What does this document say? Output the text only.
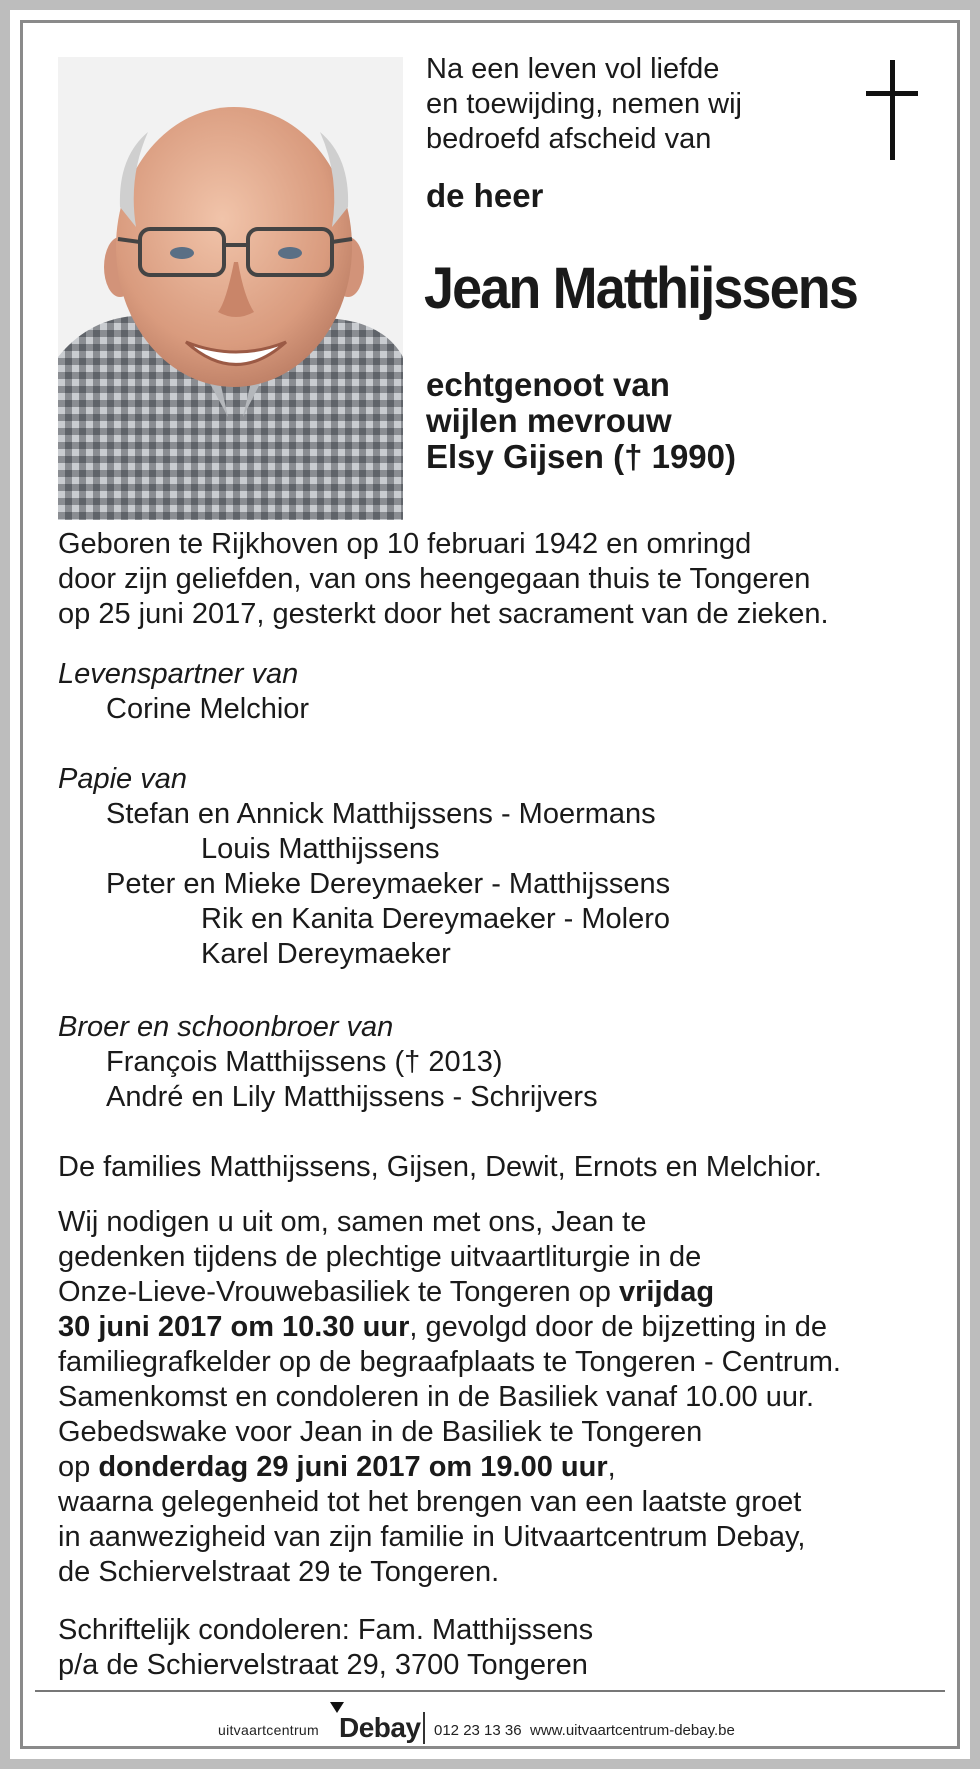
Na een leven vol liefde
en toewijding, nemen wij
bedroefd afscheid van
de heer
Jean Matthijssens
echtgenoot van
wijlen mevrouw
Elsy Gijsen († 1990)
Geboren te Rijkhoven op 10 februari 1942 en omringd
door zijn geliefden, van ons heengegaan thuis te Tongeren
op 25 juni 2017, gesterkt door het sacrament van de zieken.
Levenspartner van
Corine Melchior
Papie van
Stefan en Annick Matthijssens - Moermans
Louis Matthijssens
Peter en Mieke Dereymaeker - Matthijssens
Rik en Kanita Dereymaeker - Molero
Karel Dereymaeker
Broer en schoonbroer van
François Matthijssens († 2013)
André en Lily Matthijssens - Schrijvers
De families Matthijssens, Gijsen, Dewit, Ernots en Melchior.
Wij nodigen u uit om, samen met ons, Jean te
gedenken tijdens de plechtige uitvaartliturgie in de
Onze-Lieve-Vrouwebasiliek te Tongeren op vrijdag
30 juni 2017 om 10.30 uur, gevolgd door de bijzetting in de
familiegrafkelder op de begraafplaats te Tongeren - Centrum.
Samenkomst en condoleren in de Basiliek vanaf 10.00 uur.
Gebedswake voor Jean in de Basiliek te Tongeren
op donderdag 29 juni 2017 om 19.00 uur,
waarna gelegenheid tot het brengen van een laatste groet
in aanwezigheid van zijn familie in Uitvaartcentrum Debay,
de Schiervelstraat 29 te Tongeren.
Schriftelijk condoleren: Fam. Matthijssens
p/a de Schiervelstraat 29, 3700 Tongeren
uitvaartcentrum Debay 012 23 13 36 www.uitvaartcentrum-debay.be
